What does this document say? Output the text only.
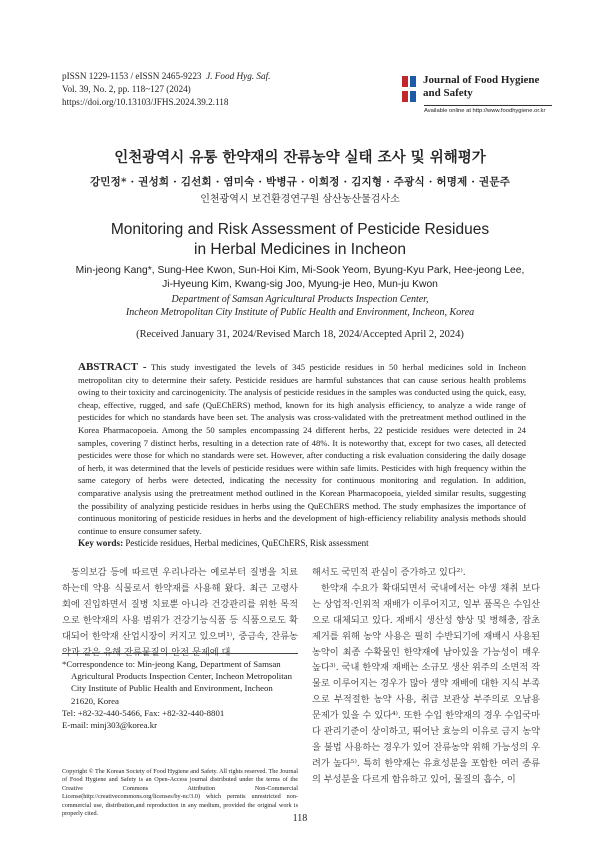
pISSN 1229-1153 / eISSN 2465-9223 J. Food Hyg. Saf.
Vol. 39, No. 2, pp. 118~127 (2024)
https://doi.org/10.13103/JFHS.2024.39.2.118
Journal of Food Hygiene
and Safety
Available online at http://www.foodhygiene.or.kr
인천광역시 유통 한약재의 잔류농약 실태 조사 및 위해평가
강민정* · 권성희 · 김선회 · 염미숙 · 박병규 · 이희정 · 김지형 · 주광식 · 허명제 · 권문주
인천광역시 보건환경연구원 삼산농산물검사소
Monitoring and Risk Assessment of Pesticide Residues
in Herbal Medicines in Incheon
Min-jeong Kang*, Sung-Hee Kwon, Sun-Hoi Kim, Mi-Sook Yeom, Byung-Kyu Park, Hee-jeong Lee,
Ji-Hyeung Kim, Kwang-sig Joo, Myung-je Heo, Mun-ju Kwon
Department of Samsan Agricultural Products Inspection Center,
Incheon Metropolitan City Institute of Public Health and Environment, Incheon, Korea
(Received January 31, 2024/Revised March 18, 2024/Accepted April 2, 2024)
ABSTRACT - This study investigated the levels of 345 pesticide residues in 50 herbal medicines sold in Incheon metropolitan city to determine their safety. Pesticide residues are harmful substances that can cause serious health problems owing to their toxicity and carcinogenicity. The analysis of pesticide residues in the samples was conducted using the quick, easy, cheap, effective, rugged, and safe (QuEChERS) method, known for its high analysis efficiency, to analyze a wide range of pesticides for which no standards have been set. The analysis was cross-validated with the pretreatment method outlined in the Korea Pharmacopoeia. Among the 50 samples encompassing 24 different herbs, 22 pesticide residues were detected in 24 samples, covering 7 distinct herbs, resulting in a detection rate of 48%. It is noteworthy that, except for two cases, all detected pesticides were those for which no standards were set. However, after conducting a risk evaluation considering the daily dosage of herb, it was determined that the levels of pesticide residues were within safe limits. Pesticides with high frequency within the same category of herbs were detected, indicating the necessity for continuous monitoring and regulation. In addition, comparative analysis using the pretreatment method outlined in the Korean Pharmacopoeia, yielded similar results, suggesting the possibility of analyzing pesticide residues in herbs using the QuEChERS method. The study emphasizes the importance of continuous monitoring of pesticide residues in herbs and the development of high-efficiency reliability analysis methods should continue to ensure consumer safety.
Key words: Pesticide residues, Herbal medicines, QuEChERS, Risk assessment
동의보감 등에 따르면 우리나라는 예로부터 질병을 치료하는데 약용 식물로서 한약재를 사용해 왔다. 최근 고령사회에 진입하면서 질병 치료뿐 아니라 건강관리를 위한 목적으로 한약재의 사용 범위가 건강기능식품 등 식품으로도 확대되어 한약재 산업시장이 커지고 있으며¹⁾, 중금속, 잔류농

해서도 국민적 관심이 증가하고 있다²⁾.

한약재 수요가 확대되면서 국내에서는 야생 채취 보다는 상업적·인위적 재배가 이루어지고, 일부 품목은 수입산으로 대체되고 있다. 재배시 생산성 향상 및 병해충, 잡초 제거를 위해 농약 사용은 필히 수반되기에 재배시 사용된 농약이 최종 수확물인 한약재에 남아있을 가능성이 매우 높다³⁾. 국내 한약재 재배는 소규모 생산 위주의 소면적 작물로 이루어지는 경우가 많아 생약 재배에 대한 지식 부족으로 부적절한 농약 사용, 취급 보관상 부주의로 오남용 문제가 있을 수 있다⁴⁾. 또한 수입 한약재의 경우 수입국마다 관리기준이 상이하고, 뛰어난 효능의 이유로 금지 농약을 불법 사용하는 경우가 있어 잔류농약 위해 가능성의 우려가 높다⁵⁾. 특히 한약재는 유효성분을 포함한 여러 종류의 부성분을 다르게 함유하고 있어, 물질의 흡수, 이

*Correspondence to: Min-jeong Kang, Department of Samsan Agricultural Products Inspection Center, Incheon Metropolitan City Institute of Public Health and Environment, Incheon 21620, Korea
Tel: +82-32-440-5466, Fax: +82-32-440-8801
E-mail: minj303@korea.kr
Copyright © The Korean Society of Food Hygiene and Safety. All rights reserved. The Journal of Food Hygiene and Safety is an Open-Access journal distributed under the terms of the Creative Commons Attribution Non-Commercial License(http://creativecommons.org/licenses/by-nc/3.0) which permits unrestricted non-commercial use, distribution,and reproduction in any medium, provided the original work is properly cited.	118
